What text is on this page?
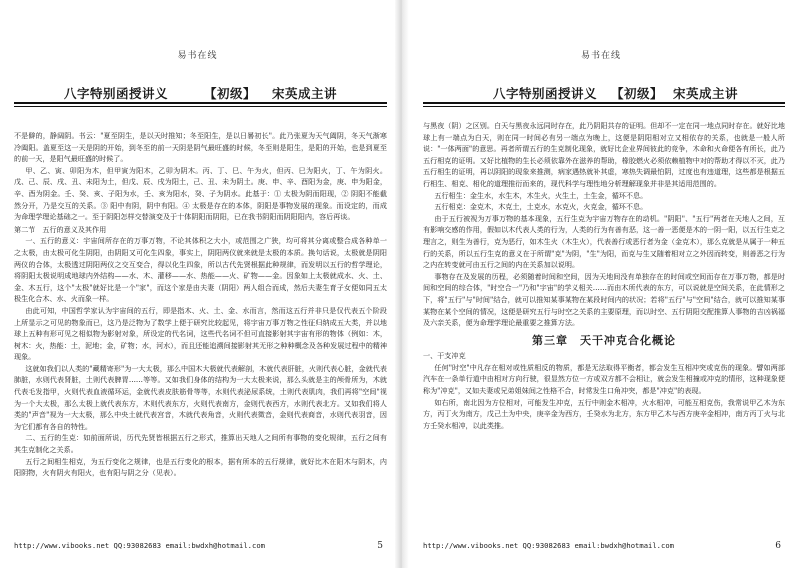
易书在线
八字特别函授讲义	【初级】 宋英成主讲

不是僻的，静阔阴。书云："夏至阴生，是以天时推知；冬至阳生，是以日晷初长"。此乃张夏为天气阖阴，冬天气渐寒冷阖阳。盖夏至这一天是阴的开始，到冬至的前一天阴是阴气最旺盛的时候，冬至则是阳生，是阳的开始，也是到夏至的前一天，是阳气最旺盛的时候了。

甲、乙、寅、卯阳为木，但甲寅为阳木，乙卯为阴木。丙、丁、巳、午为火，但丙、巳为阳火，丁、午为阴火。戊、己、辰、戌、丑、未阳为土，但戊、辰、戌为阳土，己、丑、未为阴土。庚、申、辛、酉阳为金，庚、申为阳金，辛、酉为阴金。壬、癸、亥、子阳为水，壬、亥为阳水，癸、子为阴水。此基于：① 太极为阴而阳现，② 阴阳不能截然分开，乃是交互的关系。③ 阳中有阴，阴中有阳。④ 太极是存在的本体，阴阳是事物发展的现象。而设定的，而成为命理学理论基础之一。至于阴阳怎样交替演变及于十体阴阳而阴阳，已在我书阴阳而阴阳阳内，容后再谈。

第二节　五行的意义及其作用

一、五行的意义：宇宙间所存在的万事万物，不论其体积之大小，或范围之广狭，均可将其分离或整合成各种单一之太极，由太极可化生阴阳，由阴阳又可化生四象，事实上，阴阳两仪就来就是太极的本质。换句话说，太极就是阴阳两仪的合体，太极透过阴阳两仪之交互变合，得以化生四象，所以古代先贤根据此种规律，而发明以五行的哲学理论，将阴阳太极说明成地球内外结构——水、木、灌移——水、热能——火、矿物——金。因象如上太极就成水、火、土、金、木五行，这个"太极"就好比是一个"家"，而这个家是由夫妻（阴阳）两人组合而成，然后夫妻生育子女便如同五太极生化合木、水、火而象一样。

由此可知，中国哲学家认为宇宙间的五行，即是指木、火、土、金、水而言，然而这五行并非只是仅代表五个阶段上所显示之可见的物象而已，这乃是泛物为了数学上便于研究比较起见，将宇宙万事万物之性征归纳成五大类，并以地球上五种有形可见之相似物为影射对象，所设定的代名词，这些代名词不但可直接影射其宇宙有形的物体（例如：木，树木：火，热能：土，泥地；金，矿物；水，河水），而且还能追溯间接影射其无形之种种概念及各种发展过程中的精神现象。

这就如我们以人类的"藏精寄形"为一大太极，那么中国木大极就代表解剖，木就代表肝脏，火则代表心脏，金就代表肺脏，水则代表肾脏，土则代表脾胃……等等。又如我们身体的结构为一大太极来说，那么头就是主的颅骨所为，木就代表毛发指甲，火则代表血液循环运，金就代表皮肤筋骨等等，水则代表泌尿系统，土则代表肌肉，我们再将"空间"视为一个大太极，那么太极上就代表东方，木则代表东方，火则代表南方，金则代表西方，水则代表北方。又如我们将人类的"声音"视为一大太极，那么中央土就代表宫音，木就代表角音，火则代表徵音，金则代表商音，水则代表羽音，因为它们都有各自的特性。

二、五行的生克：如前面所说，历代先贤皆根据五行之形式，推算出天地人之间所有事物的变化规律，五行之间有其生克制化之关系。

五行之间相生相克，为五行变化之规律，也是五行变化的根本，据有所本的五行规律，就好比木在阳木与阴木，内阳阴物，火有阴火有阳火，也有阳与阴之分（见表）。

http://www.vibooks.net QQ:93082683 email:bwdxh@hotmail.com	5
易书在线
八字特别函授讲义 【初级】 宋英成主讲

与黑夜（阴）之区别。白天与黑夜永远同时存在，此乃阴阳共存的证明。但却不一定在同一地点同时存在。就好比地球上有一端点为白天，则在同一时间必有另一端点为晚上，这便是阴阳相对立又相依存的关系，也就是一般人所说："一体两面"的意思。再者所谓五行的生克制化现象，就好比企业界间彼此的竞争，木命和火命便各有所长，此乃五行相克的证明。又好比植物的生长必须依靠外在滋养的帮助，橡胶燃火必须依赖植物中对的帮助才得以不灭，此乃五行相生的证明，再以阴阳的现象来推测，病家遇热就补其虚，寒热失调最怕阴，过度也有违道理，这些都是根据五行相生、相克、相化的道理推衍而来的，现代科学与理性地分析理解现象并非是其适用范围的。

五行相生：金生水，水生木，木生火，火生土，土生金，循环不息。

五行相克：金克木，木克土，土克水，水克火，火克金，循环不息。

由于五行被视为万事万物的基本现象，五行生克为宇宙万物存在的动机。"阴阳"、"五行"两者在天地人之间，互有影响交感的作用，假如以木代表人类的行为，人类的行为有善有恶，这一善一恶便是木的一阴一阳，以五行生克之理言之，则生为善行，克为恶行，如木生火（木生火），代表善行或恶行者为金（金克木），那么克就是从属于一种五行的关系，所以五行生克的意义在于所谓"克"为阴，"生"为阳，而克与生又随着相对立之外因而转变，则善恶之行为之内在转变就可由五行之间的内在关系加以说明。

事物存在及发展的历程，必须随着时间和空间，因为天地间没有单独存在的时间或空间而存在万事万物，都是时间和空间的综合体，"时空合一"乃和"宇宙"的学义相关……而由木所代表的东方，可以说就是空间关系，在此情形之下，将"五行"与"时间"结合，就可以推知某事某物在某段时间内的状况；若将"五行"与"空间"结合，就可以推知某事某物在某个空间的情况，这便是研究五行与时空之关系的主要原理，而以时空、五行阴阳交配推算人事物的吉凶祸福及六亲关系，便为命理学理论最重要之推算方法。

第三章　天干冲克合化概论

一、干支冲克

任何"时空"中凡存在相对或性质相反的物质，都是无法取得平衡者，都会发生互相冲突或克伤的现象。譬如两部汽车在一条单行道中由相对方向行驶，很显然方位一方或双方都不会相让，就会发生相撞或冲克的情形，这种现象便称为"冲克"，又如夫妻或兄弟姐妹间之性格不合，时常发生口角冲突，都是"冲克"的表现。

如右所，南北因为方位相对，可能发生冲克，五行中则金木相冲，火水相冲，可能互相克伤，我常说甲乙木为东方，丙丁火为南方，戊己土为中央，庚辛金为西方，壬癸水为北方，东方甲乙木与西方庚辛金相冲，南方丙丁火与北方壬癸水相冲，以此类推。

http://www.vibooks.net QQ:93082683 email:bwdxh@hotmail.com	6
